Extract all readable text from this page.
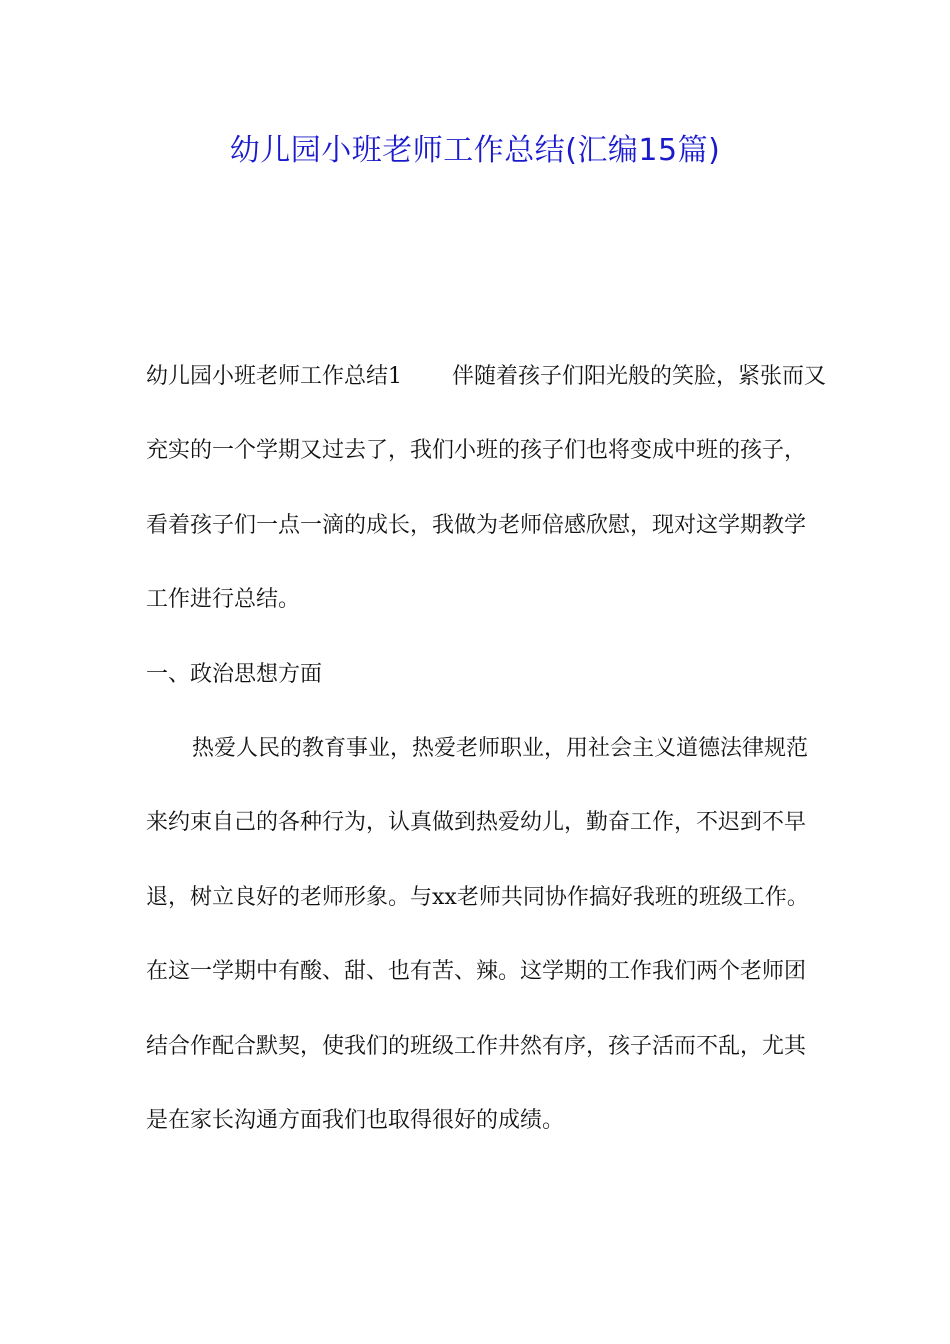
幼儿园小班老师工作总结(汇编15篇)

幼儿园小班老师工作总结1 伴随着孩子们阳光般的笑脸，紧张而又充实的一个学期又过去了，我们小班的孩子们也将变成中班的孩子，看着孩子们一点一滴的成长，我做为老师倍感欣慰，现对这学期教学工作进行总结。

一、政治思想方面

热爱人民的教育事业，热爱老师职业，用社会主义道德法律规范来约束自己的各种行为，认真做到热爱幼儿，勤奋工作，不迟到不早退，树立良好的老师形象。与xx老师共同协作搞好我班的班级工作。在这一学期中有酸、甜、也有苦、辣。这学期的工作我们两个老师团结合作配合默契，使我们的班级工作井然有序，孩子活而不乱，尤其是在家长沟通方面我们也取得很好的成绩。
